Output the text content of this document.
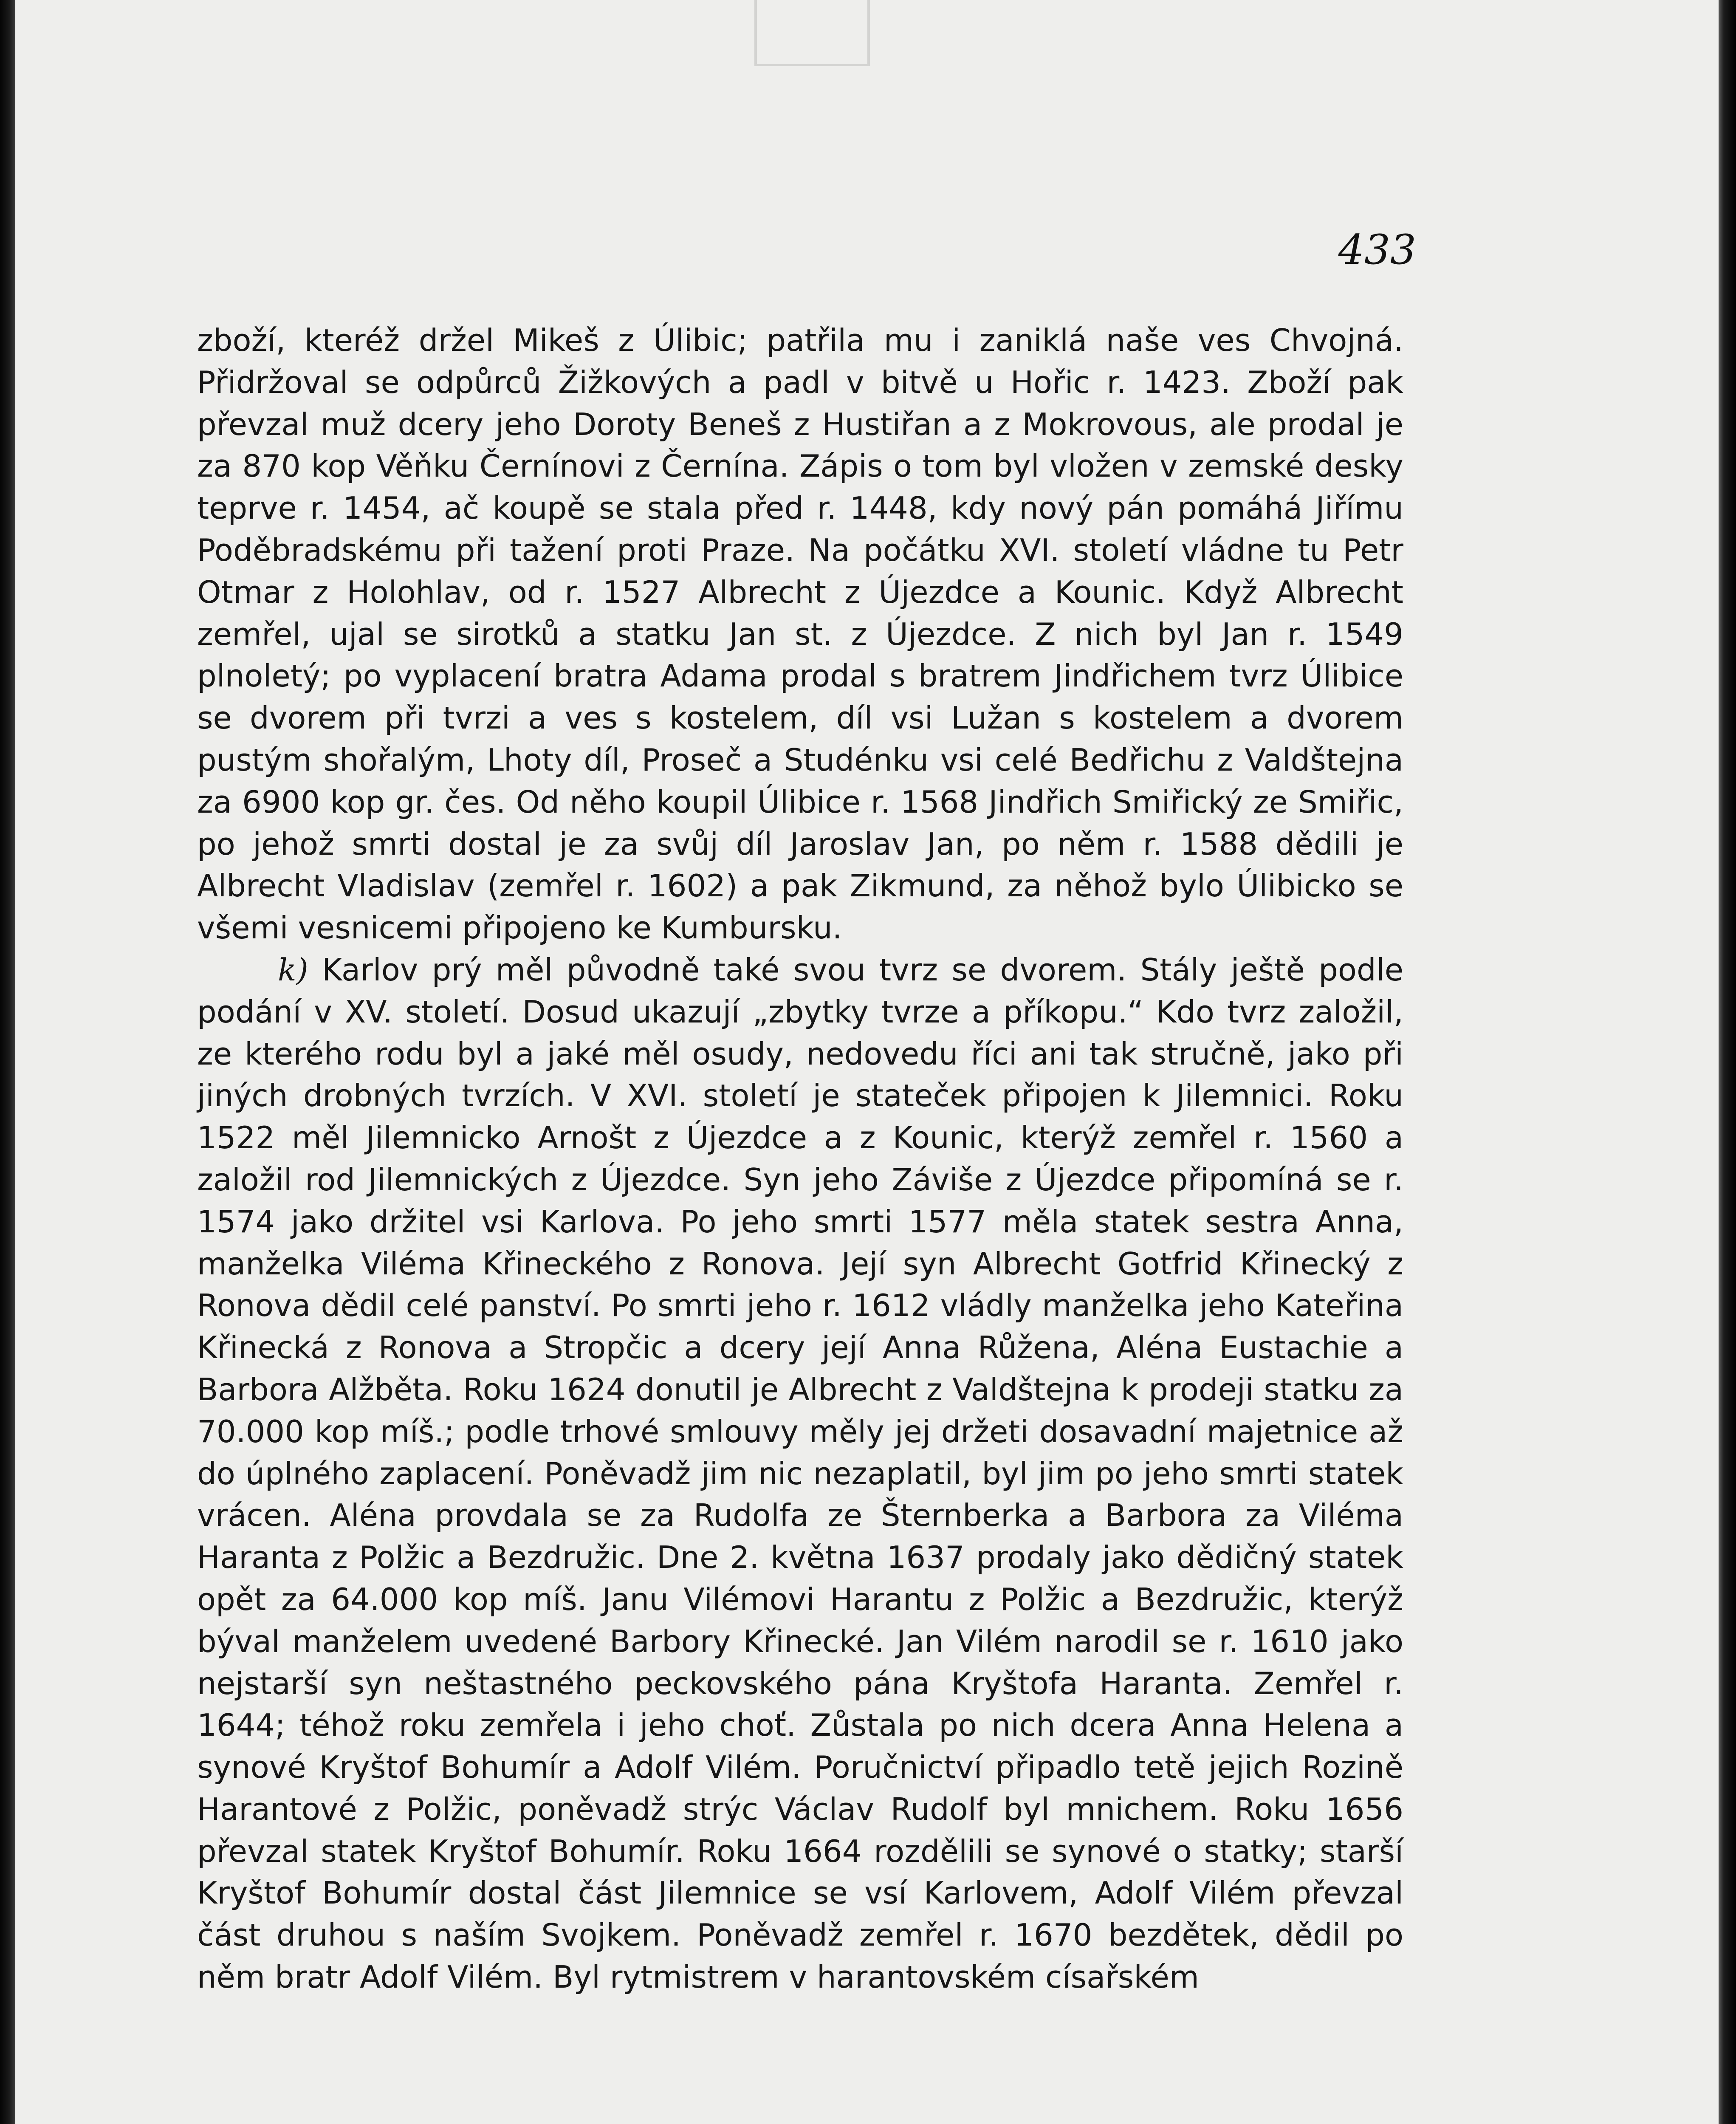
433

zboží, kteréž držel Mikeš z Úlibic; patřila mu i zaniklá naše ves Chvojná. Přidržoval se odpůrců Žižkových a padl v bitvě u Hořic r. 1423. Zboží pak převzal muž dcery jeho Doroty Beneš z Hustiřan a z Mokrovous, ale prodal je za 870 kop Věňku Černínovi z Černína. Zápis o tom byl vložen v zemské desky teprve r. 1454, ač koupě se stala před r. 1448, kdy nový pán pomáhá Jiřímu Poděbradskému při tažení proti Praze. Na počátku XVI. století vládne tu Petr Otmar z Holohlav, od r. 1527 Albrecht z Újezdce a Kounic. Když Albrecht zemřel, ujal se sirotků a statku Jan st. z Újezdce. Z nich byl Jan r. 1549 plnoletý; po vyplacení bratra Adama prodal s bratrem Jindřichem tvrz Úlibice se dvorem při tvrzi a ves s kostelem, díl vsi Lužan s kostelem a dvorem pustým shořalým, Lhoty díl, Proseč a Studénku vsi celé Bedřichu z Valdštejna za 6900 kop gr. čes. Od něho koupil Úlibice r. 1568 Jindřich Smiřický ze Smiřic, po jehož smrti dostal je za svůj díl Jaroslav Jan, po něm r. 1588 dědili je Albrecht Vladislav (zemřel r. 1602) a pak Zikmund, za něhož bylo Úlibicko se všemi vesnicemi připojeno ke Kumbursku.

k) Karlov prý měl původně také svou tvrz se dvorem. Stály ještě podle podání v XV. století. Dosud ukazují „zbytky tvrze a příkopu.“ Kdo tvrz založil, ze kterého rodu byl a jaké měl osudy, nedovedu říci ani tak stručně, jako při jiných drobných tvrzích. V XVI. století je stateček připojen k Jilemnici. Roku 1522 měl Jilemnicko Arnošt z Újezdce a z Kounic, kterýž zemřel r. 1560 a založil rod Jilemnických z Újezdce. Syn jeho Záviše z Újezdce připomíná se r. 1574 jako držitel vsi Karlova. Po jeho smrti 1577 měla statek sestra Anna, manželka Viléma Křineckého z Ronova. Její syn Albrecht Gotfrid Křinecký z Ronova dědil celé panství. Po smrti jeho r. 1612 vládly manželka jeho Kateřina Křinecká z Ronova a Stropčic a dcery její Anna Růžena, Aléna Eustachie a Barbora Alžběta. Roku 1624 donutil je Albrecht z Valdštejna k prodeji statku za 70.000 kop míš.; podle trhové smlouvy měly jej držeti dosavadní majetnice až do úplného zaplacení. Poněvadž jim nic nezaplatil, byl jim po jeho smrti statek vrácen. Aléna provdala se za Rudolfa ze Šternberka a Barbora za Viléma Haranta z Polžic a Bezdružic. Dne 2. května 1637 prodaly jako dědičný statek opět za 64.000 kop míš. Janu Vilémovi Harantu z Polžic a Bezdružic, kterýž býval manželem uvedené Barbory Křinecké. Jan Vilém narodil se r. 1610 jako nejstarší syn neštastného peckovského pána Kryštofa Haranta. Zemřel r. 1644; téhož roku zemřela i jeho choť. Zůstala po nich dcera Anna Helena a synové Kryštof Bohumír a Adolf Vilém. Poručnictví připadlo tetě jejich Rozině Harantové z Polžic, poněvadž strýc Václav Rudolf byl mnichem. Roku 1656 převzal statek Kryštof Bohumír. Roku 1664 rozdělili se synové o statky; starší Kryštof Bohumír dostal část Jilemnice se vsí Karlovem, Adolf Vilém převzal část druhou s naším Svojkem. Poněvadž zemřel r. 1670 bezdětek, dědil po něm bratr Adolf Vilém. Byl rytmistrem v harantovském císařském
